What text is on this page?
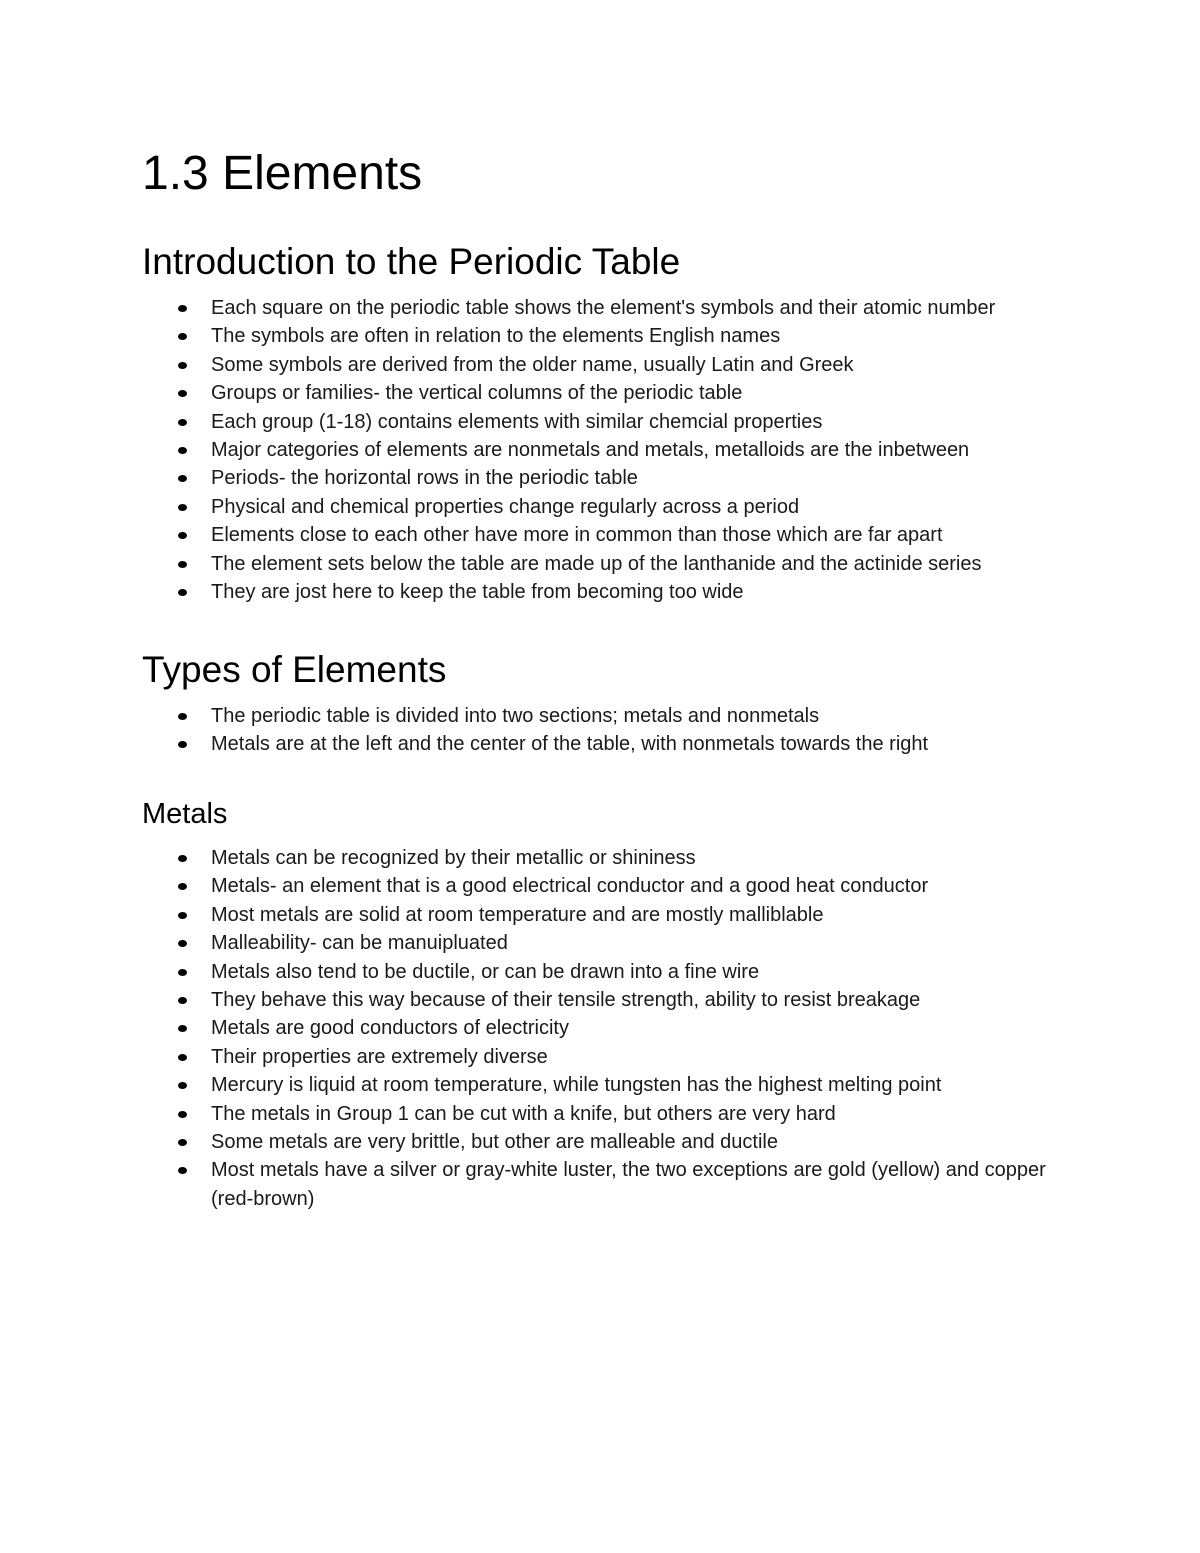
1.3 Elements
Introduction to the Periodic Table
Each square on the periodic table shows the element's symbols and their atomic number
The symbols are often in relation to the elements English names
Some symbols are derived from the older name, usually Latin and Greek
Groups or families- the vertical columns of the periodic table
Each group (1-18) contains elements with similar chemcial properties
Major categories of elements are nonmetals and metals, metalloids are the inbetween
Periods- the horizontal rows in the periodic table
Physical and chemical properties change regularly across a period
Elements close to each other have more in common than those which are far apart
The element sets below the table are made up of the lanthanide and the actinide series
They are jost here to keep the table from becoming too wide
Types of Elements
The periodic table is divided into two sections; metals and nonmetals
Metals are at the left and the center of the table, with nonmetals towards the right
Metals
Metals can be recognized by their metallic or shininess
Metals- an element that is a good electrical conductor and a good heat conductor
Most metals are solid at room temperature and are mostly malliblable
Malleability- can be manuipluated
Metals also tend to be ductile, or can be drawn into a fine wire
They behave this way because of their tensile strength, ability to resist breakage
Metals are good conductors of electricity
Their properties are extremely diverse
Mercury is liquid at room temperature, while tungsten has the highest melting point
The metals in Group 1 can be cut with a knife, but others are very hard
Some metals are very brittle, but other are malleable and ductile
Most metals have a silver or gray-white luster, the two exceptions are gold (yellow) and copper (red-brown)
